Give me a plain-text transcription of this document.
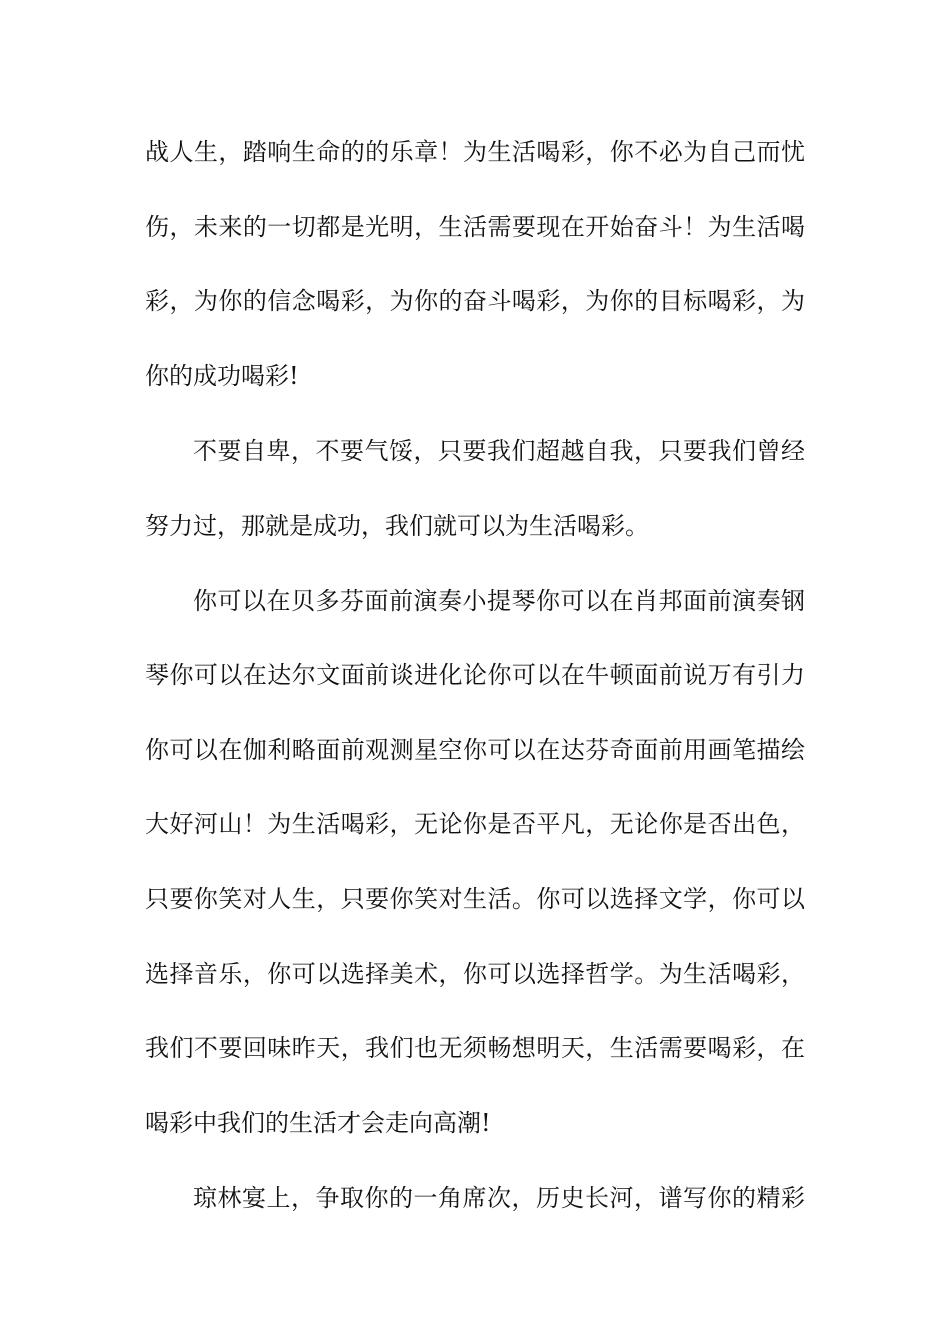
战人生，踏响生命的的乐章！为生活喝彩，你不必为自己而忧

伤，未来的一切都是光明，生活需要现在开始奋斗！为生活喝

彩，为你的信念喝彩，为你的奋斗喝彩，为你的目标喝彩，为

你的成功喝彩!

不要自卑，不要气馁，只要我们超越自我，只要我们曾经

努力过，那就是成功，我们就可以为生活喝彩。

你可以在贝多芬面前演奏小提琴你可以在肖邦面前演奏钢

琴你可以在达尔文面前谈进化论你可以在牛顿面前说万有引力

你可以在伽利略面前观测星空你可以在达芬奇面前用画笔描绘

大好河山！为生活喝彩，无论你是否平凡，无论你是否出色，

只要你笑对人生，只要你笑对生活。你可以选择文学，你可以

选择音乐，你可以选择美术，你可以选择哲学。为生活喝彩，

我们不要回味昨天，我们也无须畅想明天，生活需要喝彩，在

喝彩中我们的生活才会走向高潮!

琼林宴上，争取你的一角席次，历史长河，谱写你的精彩
